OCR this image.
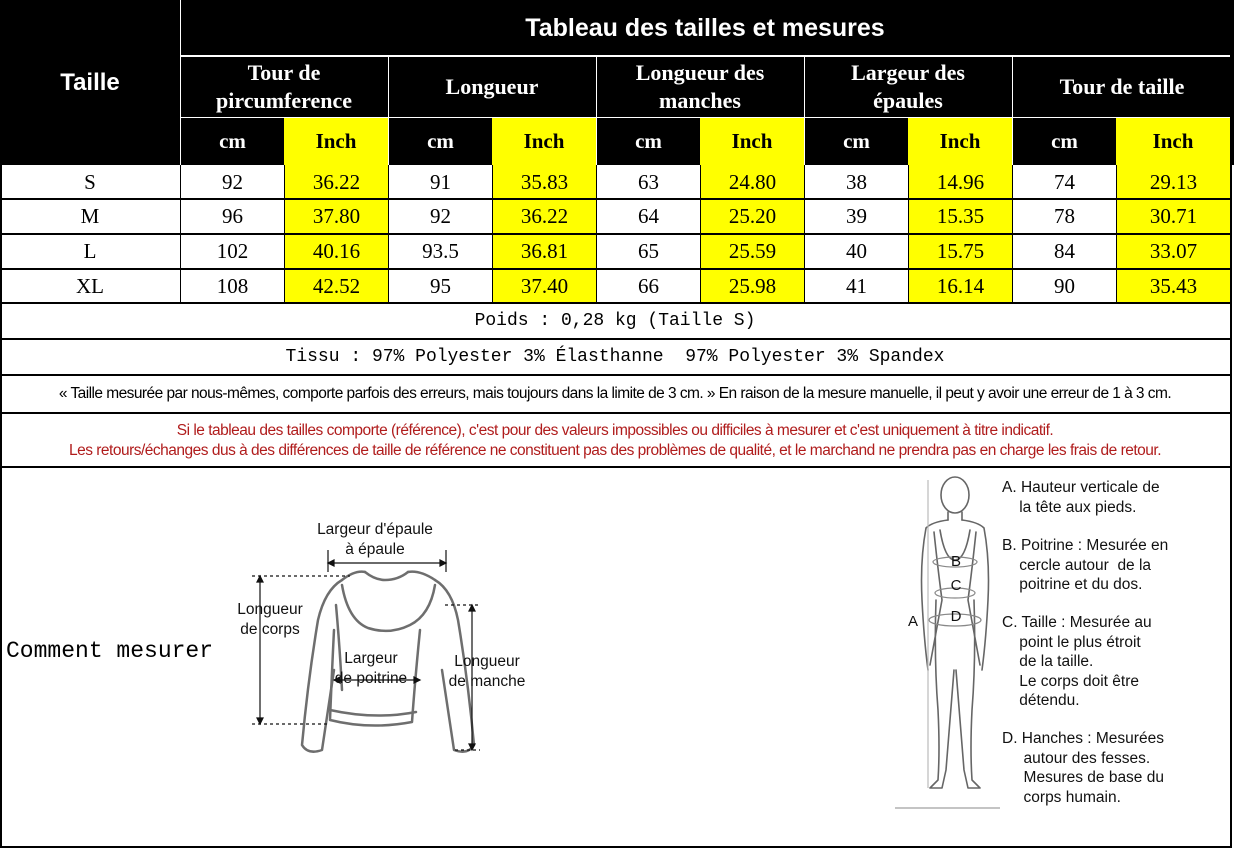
Tableau des tailles et mesures
Taille	Tour de pircumference
Longueur
Longueur des manches
Largeur des épaules
Tour de taille
cm	Inch	cm	Inch	cm	Inch	cm	Inch	cm	Inch
S	92	36.22	91	35.83	63	24.80	38	14.96	74	29.13
M	96	37.80	92	36.22	64	25.20	39	15.35	78	30.71
L	102	40.16	93.5	36.81	65	25.59	40	15.75	84	33.07
XL	108	42.52	95	37.40	66	25.98	41	16.14	90	35.43
Poids : 0,28 kg (Taille S)
Tissu : 97% Polyester 3% Élasthanne  97% Polyester 3% Spandex
« Taille mesurée par nous-mêmes, comporte parfois des erreurs, mais toujours dans la limite de 3 cm. » En raison de la mesure manuelle, il peut y avoir une erreur de 1 à 3 cm.
Si le tableau des tailles comporte (référence), c'est pour des valeurs impossibles ou difficiles à mesurer et c'est uniquement à titre indicatif.
Les retours/échanges dus à des différences de taille de référence ne constituent pas des problèmes de qualité, et le marchand ne prendra pas en charge les frais de retour.
Comment mesurer
Largeur d'épaule
à épaule
Longueur
de corps
Largeur
de poitrine
Longueur
de manche
B
C
A	D
A. Hauteur verticale de
la tête aux pieds.
B. Poitrine : Mesurée en
cercle autour  de la
poitrine et du dos.
C. Taille : Mesurée au
point le plus étroit
de la taille.
Le corps doit être
détendu.
D. Hanches : Mesurées
autour des fesses.
Mesures de base du
corps humain.
